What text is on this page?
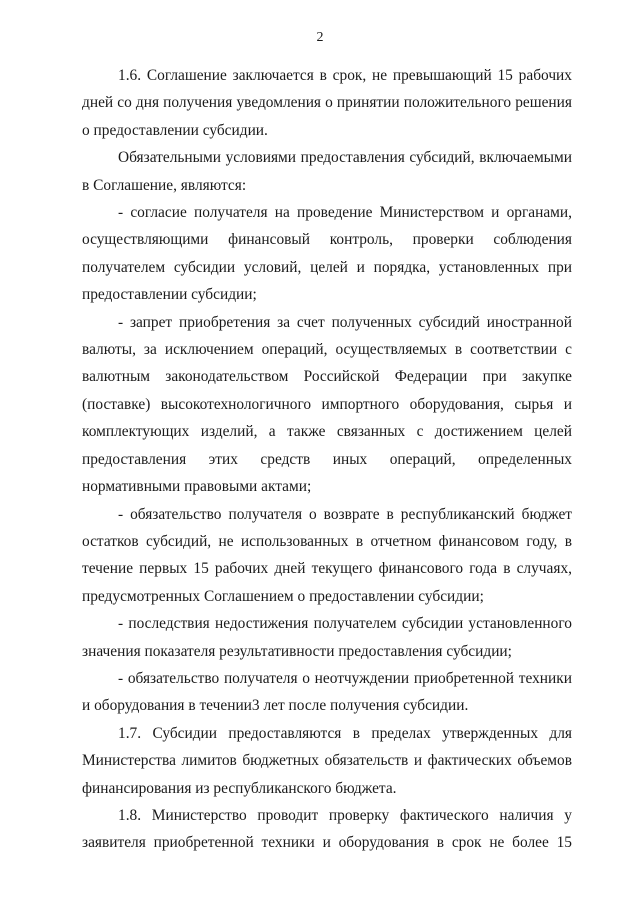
2

1.6. Соглашение заключается в срок, не превышающий 15 рабочих дней со дня получения уведомления о принятии положительного решения о предоставлении субсидии.

Обязательными условиями предоставления субсидий, включаемыми в Соглашение, являются:

- согласие получателя на проведение Министерством и органами, осуществляющими финансовый контроль, проверки соблюдения получателем субсидии условий, целей и порядка, установленных при предоставлении субсидии;

- запрет приобретения за счет полученных субсидий иностранной валюты, за исключением операций, осуществляемых в соответствии с валютным законодательством Российской Федерации при закупке (поставке) высокотехнологичного импортного оборудования, сырья и комплектующих изделий, а также связанных с достижением целей предоставления этих средств иных операций, определенных нормативными правовыми актами;

- обязательство получателя о возврате в республиканский бюджет остатков субсидий, не использованных в отчетном финансовом году, в течение первых 15 рабочих дней текущего финансового года в случаях, предусмотренных Соглашением о предоставлении субсидии;

- последствия недостижения получателем субсидии установленного значения показателя результативности предоставления субсидии;

- обязательство получателя о неотчуждении приобретенной техники и оборудования в течении3 лет после получения субсидии.

1.7. Субсидии предоставляются в пределах утвержденных для Министерства лимитов бюджетных обязательств и фактических объемов финансирования из республиканского бюджета.

1.8. Министерство проводит проверку фактического наличия у заявителя приобретенной техники и оборудования в срок не более 15
